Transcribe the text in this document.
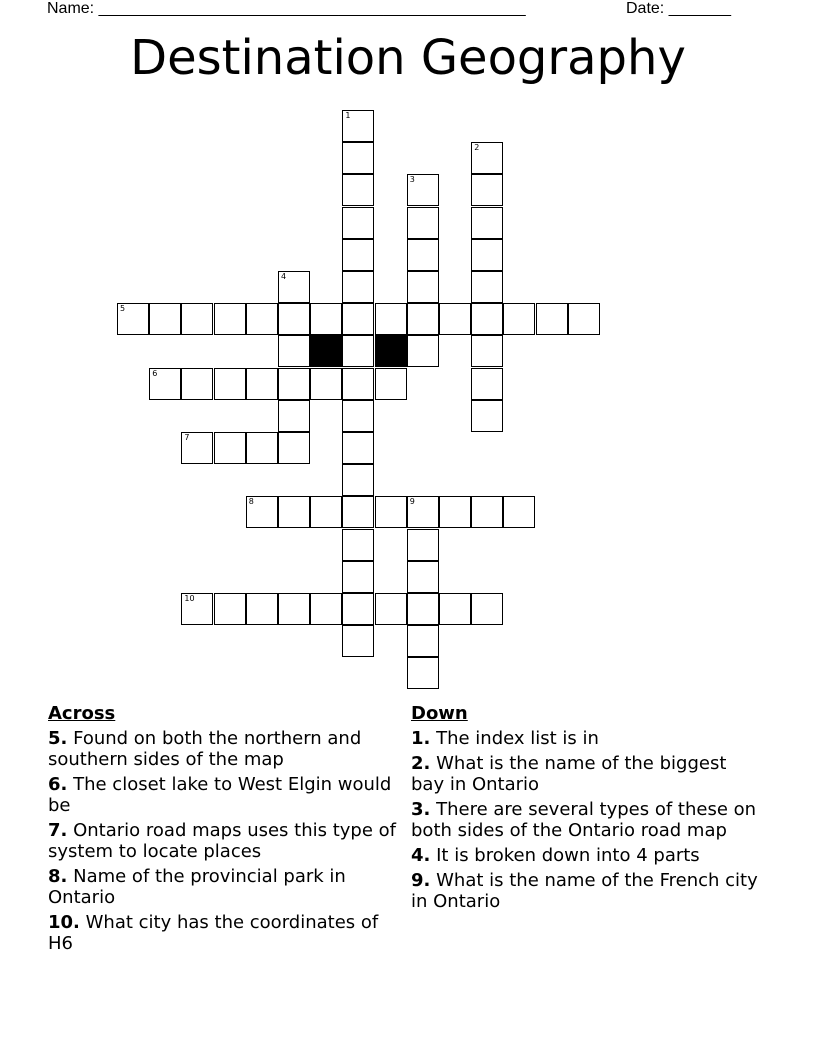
Name: ________________________________________________	Date: _______
Destination Geography
1
2
3
4
5
6
7
8	9
10
Across
5. Found on both the northern and southern sides of the map
6. The closet lake to West Elgin would be
7. Ontario road maps uses this type of system to locate places
8. Name of the provincial park in Ontario
10. What city has the coordinates of H6
Down
1. The index list is in
2. What is the name of the biggest bay in Ontario
3. There are several types of these on both sides of the Ontario road map
4. It is broken down into 4 parts
9. What is the name of the French city in Ontario
